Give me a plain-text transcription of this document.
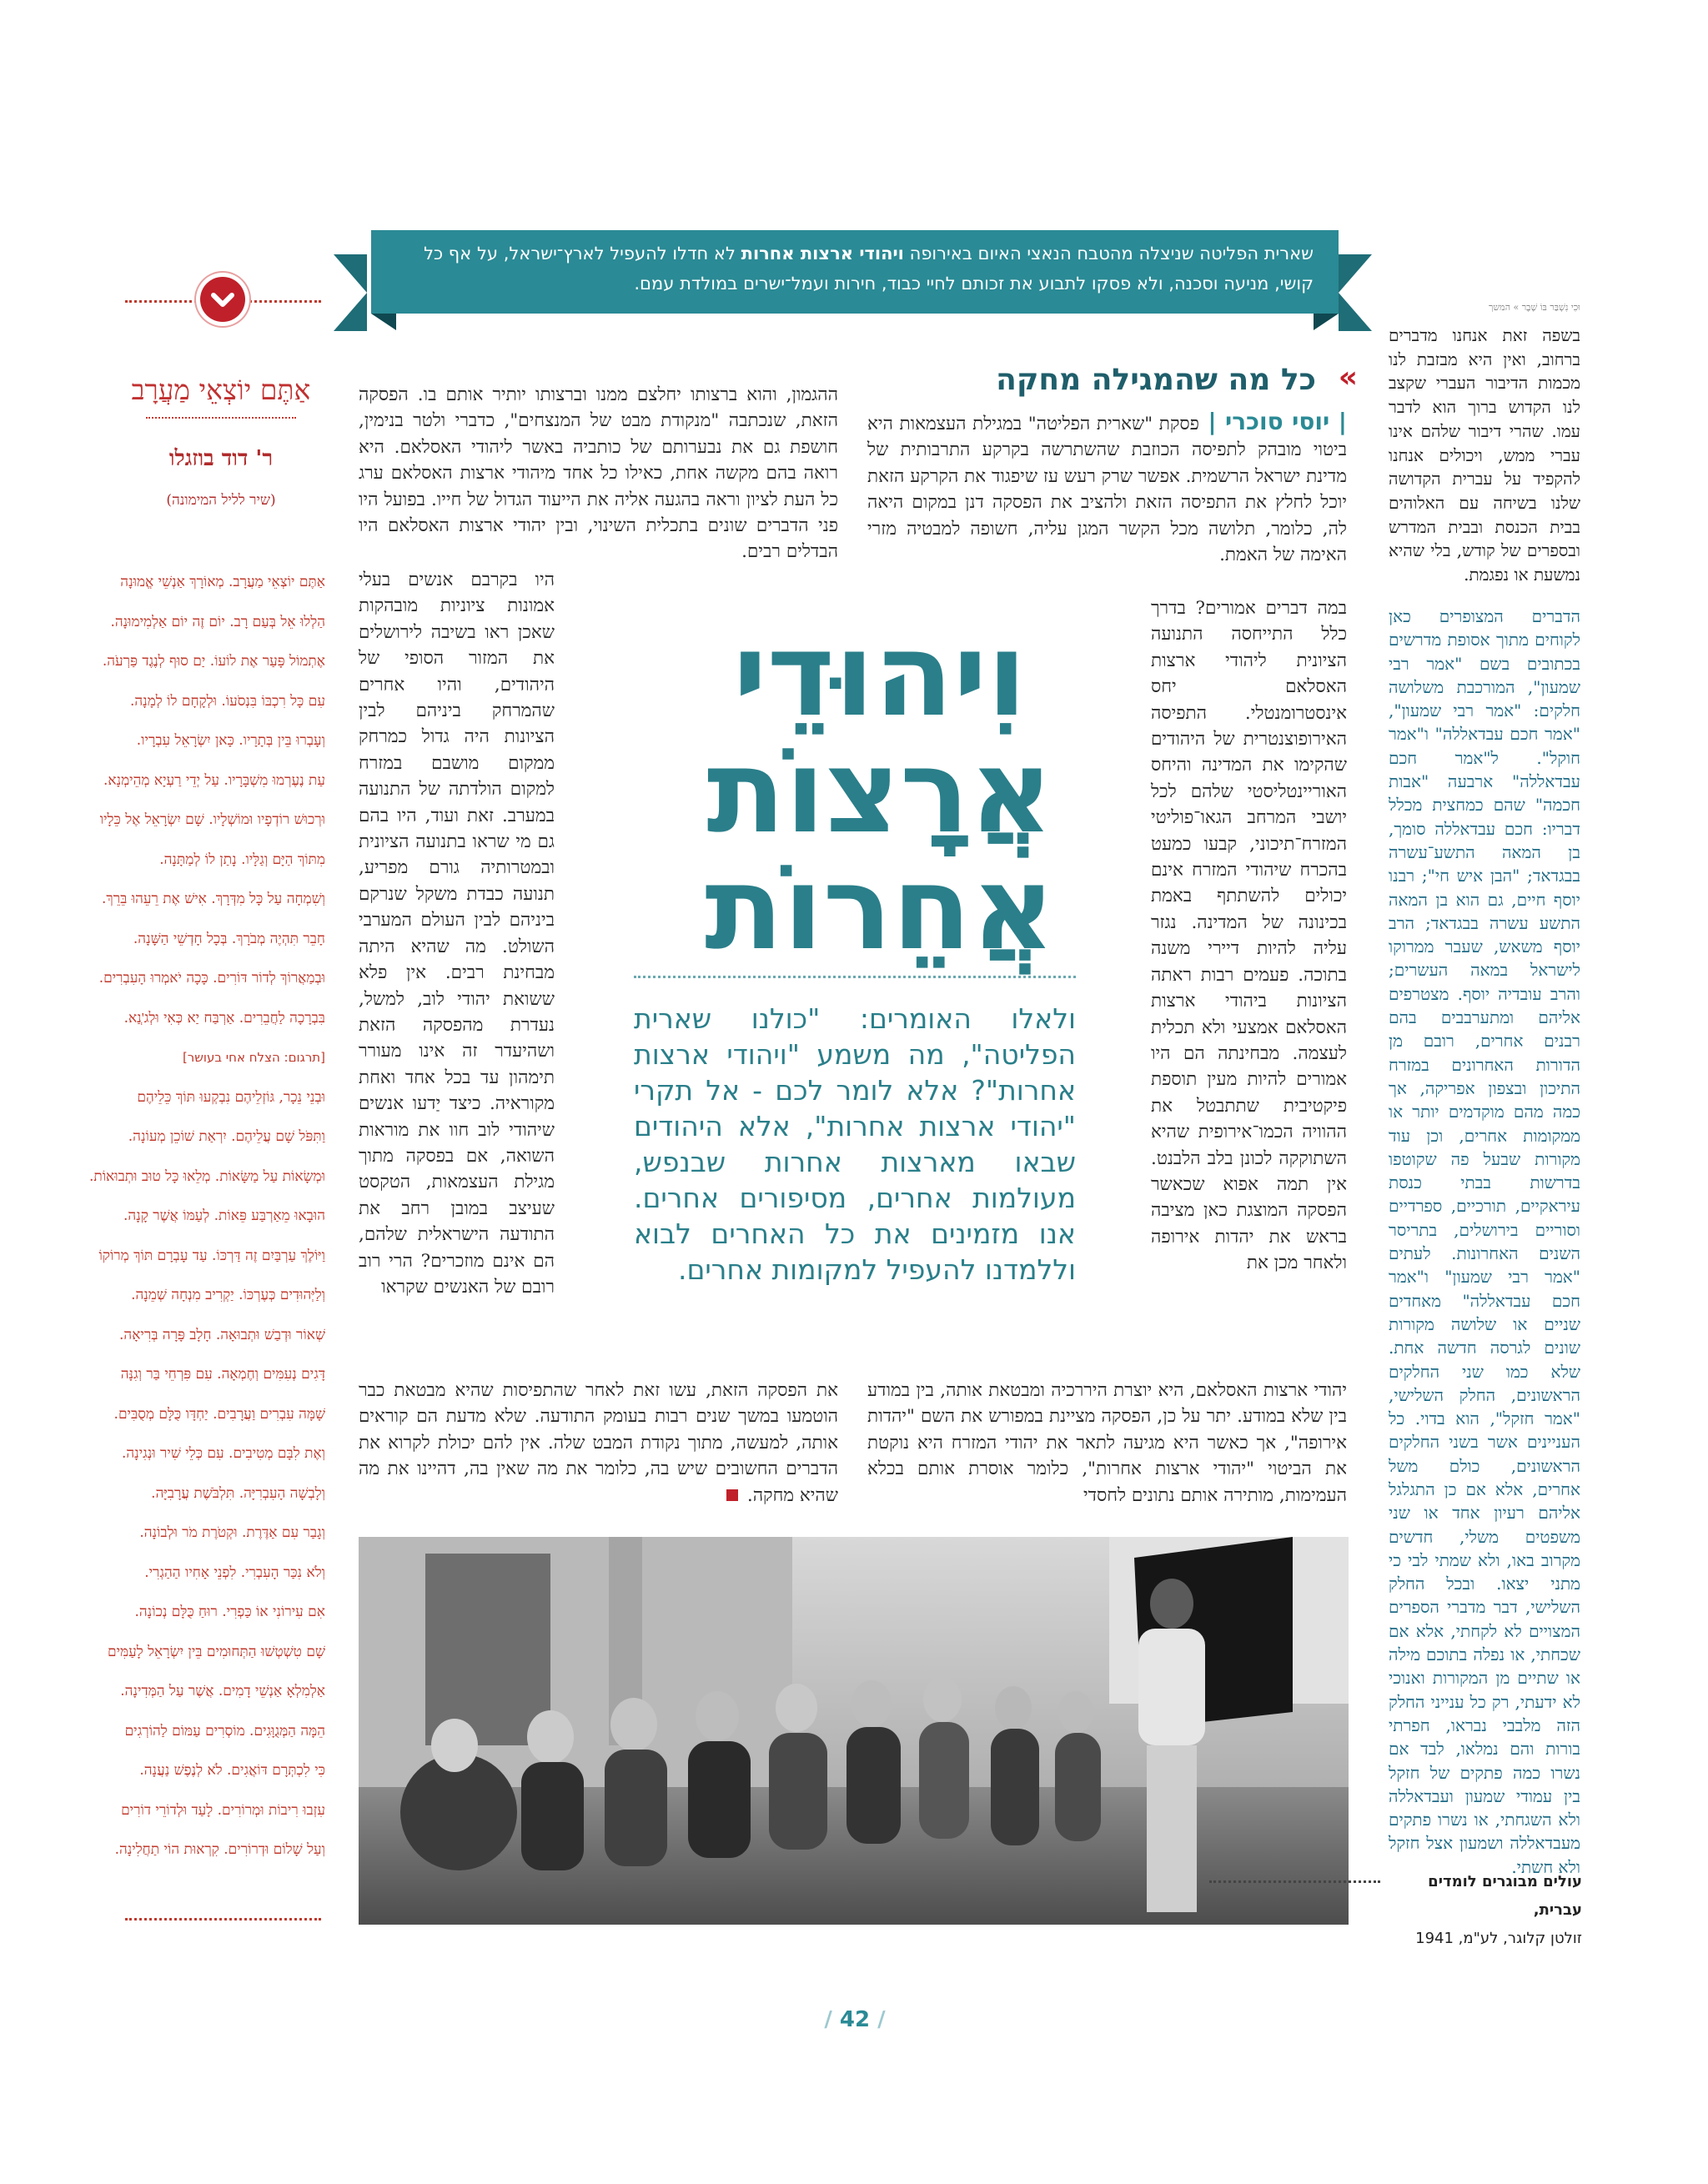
שארית הפליטה שניצלה מהטבח הנאצי האיום באירופה ויהודי ארצות אחרות לא חדלו להעפיל לארץ־ישראל, על אף כל קושי, מניעה וסכנה, ולא פסקו לתבוע את זכותם לחיי כבוד, חירות ועמל־ישרים במולדת עמם.
אַתֶּם יוֹצְאֵי מַעֲרָב
ר' דוד בוזגלו
(שיר לליל המימונה)
אַתֶּם יוֹצְאֵי מַעֲרָב. מְאוֹרָךְ אַנְשֵׁי אֱמוּנָה
הַלְלוּ אֵל בְּעַם רָב. יוֹם זֶה יוֹם אַלְמִימוּנָה.
אֶתְמוֹל פָּעַר אֶת לוֹעוֹ. יַם סוּף לְנֶגֶד פַּרְעֹה.
עִם כָּל רִכְבּוֹ בִּנְסֹעוֹ. וּלְקָחָם לוֹ לְמָנָה.
וְעָבְרוּ בֵּין בְּתָרָיו. כָּאן יִשְׂרָאֵל עִבְרָיו.
עַת נֶעֶרְמוּ מִשְׁבָּרָיו. עַל יְדֵי רַעְיָא מְהֵימְנָא.
וּרְכוּשׁ רוֹדְפָיו וּמוֹשְׁלָיו. שָׁם יִשְׂרָאֵל אֶל כֵּלָיו
מִתּוֹךְ הַיָּם וְגַלָּיו. נָתַן לוֹ לְמַתָּנָה.
וְשִׁמְחָה עַל כָּל מִדְּרָךְ. אִישׁ אֶת רֵעֵהוּ בֵּרֵךְ.
חָבֵר תִּהְיֶה מְבֹרָךְ. בְּכָל חָדְשֵׁי הַשָּׁנָה.
וּבְמַאֲרוֹךְ לְדוֹר דּוֹרִים. כָּכָה יֹאמְרוּ הָעִבְרִים.
בִּבְרָכָה לַחֲבֵרִים. אַרְבַּח יַא כְּאִי וּלְג'ְנַא.
[תרגום: הצלח אחי בעושר]
וּבְנֵי נֵכָר, גּוֹזְלֵיהֶם נִבְקְעוּ תּוֹךְ כֵּלֵיהֶם
וַתִּפֹּל שָׁם עֲלֵיהֶם. יִרְאַת שׁוֹכֵן מְעוֹנָה.
וּמְשָׂאוֹת עַל מַשָּׂאוֹת. מְלֵאוּ כָּל טוּב וּתְבוּאוֹת.
הוּבָאוּ מֵאַרְבַּע פֵּאוֹת. לְעַמּוֹ אֲשֶׁר קָנָה.
וַיּוֹלֶךְ עַרְבַּיִם זֶה דַּרְכּוֹ. עַד עָבְרָם תּוֹךְ מְרוֹקוֹ
וְלַיְּהוּדִים כְּעֶרְכּוֹ. יַקְרִיב מִנְחָה שְׁמֵנָה.
שְׁאוֹר וּדְבַשׁ וּתְבוּאָה. חָלָב פָּרָה בְּרִיאָה.
דָּגִים נְעִמִּים וְחֶמְאָה. עִם פִּרְחֵי בַּר וְגִנָּה
שָׁמָּה עִבְרִים וַעֲרָבִים. יַחְדָּו כֻּלָּם מְסֻבִּים.
וְאֶת לִבָּם מְטִיבִים. עִם כְּלֵי שִׁיר וּנְגִינָה.
וְלָבְשָׁה הָעִבְרִיָּה. תִּלְבֹּשֶׁת עֲרָבִיָּה.
וְגָבַר עִם אַדֶּרֶת. וּקְטֹרֶת מֹר וּלְבוֹנָה.
וְלֹא נִכַּר הָעִבְרִי. לִפְנֵי אָחִיו הַהַגְרִי.
אִם עִירוֹנִי אוֹ כַּפְרִי. רוּחַ כֻּלָּם נְכוֹנָה.
שָׁם טִשְׁטְשׁוּ הַתְּחוּמִים בֵּין יִשְׂרָאֵל לָעַמִּים
אַלְמִלְאָ אַנְשֵׁי דָמִים. אֲשֶׁר עַל הַמְּדִינָה.
הֵמָּה הַמְּגֻוָּגִים. מוֹסְרִים עַמּוֹם לַהוֹרְגִים
כִּי לִכְתְּרָם דּוֹאֲגִים. לֹא לְנֶפֶשׁ נַעֲנָה.
עִזְבוּ רִיבוֹת וּמְרוֹרִים. לָעַד וּלְדוֹרֵי דוֹרִים
וְעַל שָׁלוֹם וּדְרוֹרִים. קִרְאוּת הוֹי תַחֲלִינָה.
«
כל מה שהמגילה מחקה
| יוסי סוכרי | פסקת "שארית הפליטה" במגילת העצמאות היא ביטוי מובהק לתפיסה הכוזבת שהשתרשה בקרקע התרבותית של מדינת ישראל הרשמית. אפשר שרק רעש עז שיפגוד את הקרקע הזאת יוכל לחלץ את התפיסה הזאת ולהציב את הפסקה דנן במקום היאה לה, כלומר, תלושה מכל הקשר המגן עליה, חשופה למבטיה מזרי האימה של האמת.
במה דברים אמורים? בדרך כלל התייחסה התנועה הציונית ליהודי ארצות האסלאם יחס אינסטרומנטלי. התפיסה האירופוצנטרית של היהודים שהקימו את המדינה והיחס האוריינטליסטי שלהם לכל יושבי המרחב הגאו־פוליטי המזרח־תיכוני, קבעו כמעט בהכרח שיהודי המזרח אינם יכולים להשתתף באמת בכינונה של המדינה. נגזר עליה להיות דיירי משנה בתוכה. פעמים רבות ראתה הציונות ביהודי ארצות האסלאם אמצעי ולא תכלית לעצמה. מבחינתה הם היו אמורים להיות מעין תוספת פיקטיבית שתתבטל את ההוויה הכמו־אירופית שהיא השתוקקה לכונן בלב הלבנט. אין תמה אפוא שכאשר הפסקה המוצגת כאן מציבה בראש את יהדות אירופה ולאחר מכן את
ההגמון, והוא ברצותו יחלצם ממנו וברצותו יותיר אותם בו. הפסקה הזאת, שנכתבה "מנקודת מבט של המנצחים", כדברי ולטר בנימין, חושפת גם את נבערותם של כותביה באשר ליהודי האסלאם. היא רואה בהם מקשה אחת, כאילו כל אחד מיהודי ארצות האסלאם ערג כל העת לציון וראה בהגעה אליה את הייעוד הגדול של חייו. בפועל היו פני הדברים שונים בתכלית השינוי, ובין יהודי ארצות האסלאם היו הבדלים רבים.
היו בקרבם אנשים בעלי אמונות ציוניות מובהקות שאכן ראו בשיבה לירושלים את המזור הסופי של היהודים, והיו אחרים שהמרחק ביניהם לבין הציונות היה גדול כמרחק ממקום מושבם במזרח למקום הולדתה של התנועה במערב. זאת ועוד, היו בהם גם מי שראו בתנועה הציונית ובמטרותיה גורם מפריע, תנועה כבדת משקל שנרקם ביניהם לבין העולם המערבי השולט. מה שהיא היתה מבחינת רבים. אין פלא ששואת יהודי לוב, למשל, נעדרת מהפסקה הזאת ושהיעדר זה אינו מעורר תימהון עד בכל אחד ואחת מקוראיה. כיצד יַדעו אנשים שיהודי לוב חוו את מוראות השואה, אם בפסקה מתוך מגילת העצמאות, הטקסט שעיצב במובן רחב את התודעה הישראלית שלהם, הם אינם מוזכרים? הרי רוב רובם של האנשים שקראו
וִיהוּדֵי
אֲרָצוֹת
אֲחֵרוֹת
ולאלו האומרים: "כולנו שארית הפליטה", מה משמע "ויהודי ארצות אחרות"? אלא לומר לכם - אל תקרי "יהודי ארצות אחרות", אלא היהודים שבאו מארצות אחרות שבנפש, מעולמות אחרים, מסיפורים אחרים. אנו מזמינים את כל האחרים לבוא וללמדנו להעפיל למקומות אחרים.
יהודי ארצות האסלאם, היא יוצרת היררכיה ומבטאת אותה, בין במודע בין שלא במודע. יתר על כן, הפסקה מציינת במפורש את השם "יהדות אירופה", אך כאשר היא מגיעה לתאר את יהודי המזרח היא נוקטת את הביטוי "יהודי ארצות אחרות", כלומר אוסרת אותם בכלא העמימות, מותירה אותם נתונים לחסדי
את הפסקה הזאת, עשו זאת לאחר שהתפיסות שהיא מבטאת כבר הוטמעו במשך שנים רבות בעומק התודעה. שלא מדעת הם קוראים אותה, למעשה, מתוך נקודת המבט שלה. אין להם יכולת לקרוא את הדברים החשובים שיש בה, כלומר את מה שאין בה, דהיינו את מה שהיא מחקה.
וּכִי נִשְׁבַּר בּוֹ שָׁבֶר » המשך
בשפה זאת אנחנו מדברים ברחוב, ואין היא מבזבת לנו מכמות הדיבור העברי שקצב לנו הקדוש ברוך הוא לדבר עמו. שהרי דיבור שלהם אינו עברי ממש, ויכולים אנחנו להקפיד על עברית הקדושה שלנו בשיחה עם האלוהים בבית הכנסת ובבית המדרש ובספרים של קודש, בלי שהיא נמשעת או נפגמת.
הדברים המצופרים כאן לקוחים מתוך אסופת מדרשים בכתובים בשם "אמר רבי שמעון", המורכבת משלושה חלקים: "אמר רבי שמעון", "אמר חכם עבדאללה" ו"אמר חוקל". ל"אמר חכם עבדאללה" ארבעה "אבות חכמה" שהם כמחצית מכלל דבריו: חכם עבדאללה סומך, בן המאה התשע־עשרה בבגדאד; "הבן איש חי"; רבנו יוסף חיים, גם הוא בן המאה התשע עשרה בבגדאד; הרב יוסף משאש, שעבר ממרוקו לישראל במאה העשרים; והרב עובדיה יוסף. מצטרפים אליהם ומתערבבים בהם רבנים אחרים, רובם מן הדורות האחרונים במזרח התיכון ובצפון אפריקה, אך כמה מהם מוקדמים יותר או ממקומות אחרים, וכן עוד מקורות שבעל פה שקוטפו בדרשות בבתי כנסת עיראקיים, תורכיים, ספרדיים וסוריים בירושלים, בתריסר השנים האחרונות. לעתים "אמר רבי שמעון" ו"אמר חכם עבדאללה" מאחדים שניים או שלושה מקורות שונים לגרסה חדשה אחת. שלא כמו שני החלקים הראשונים, החלק השלישי, "אמר חזקל", הוא בדוי. כל העניינים אשר בשני החלקים הראשונים, כולם משל אחרים, אלא אם כן התגלגל אליהם רעיון אחד או שני משפטים משלי, חדשים מקרוב באו, ולא שמתי לבי כי מתני יצאו. ובכל החלק השלישי, דבר מדברי הספרים המצויים לא לקחתי, אלא אם שכחתי, או נפלה בתוכם מילה או שתיים מן המקורות ואנוכי לא ידעתי, רק כל ענייני החלק הזה מלבבי נבראו, חפרתי בורות והם נמלאו, לבד אם נשרו כמה פתקים של חזקל בין עמודי שמעון ועבדאללה ולא השגחתי, או נשרו פתקים מעבדאללה ושמעון אצל חזקל ולא חשתי.
עולים מבוגרים לומדים עברית,
זולטן קלוגר, לע"מ, 1941
/ 42 /
